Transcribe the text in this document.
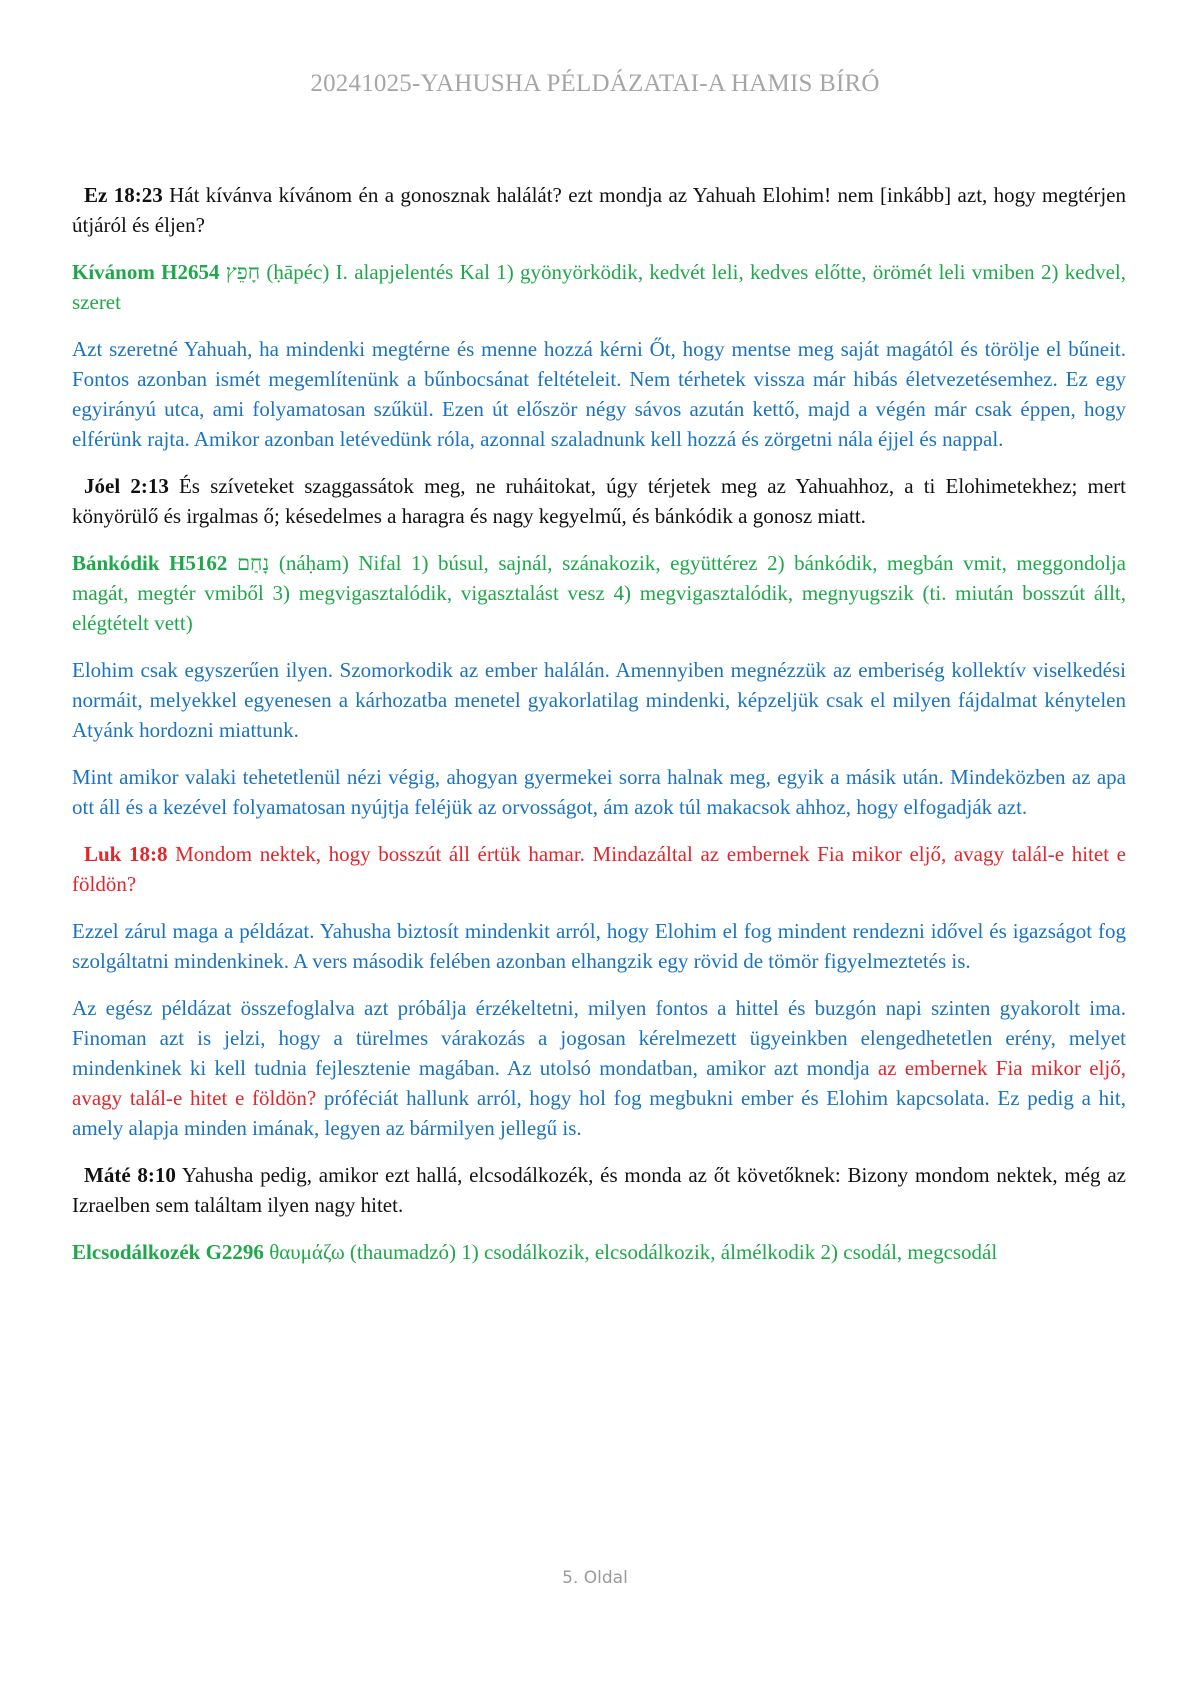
20241025-YAHUSHA PÉLDÁZATAI-A HAMIS BÍRÓ

Ez 18:23 Hát kívánva kívánom én a gonosznak halálát? ezt mondja az Yahuah Elohim! nem [inkább] azt, hogy megtérjen útjáról és éljen?

Kívánom H2654 חָפֵץ (ḥāpéc) I. alapjelentés Kal 1) gyönyörködik, kedvét leli, kedves előtte, örömét leli vmiben 2) kedvel, szeret

Azt szeretné Yahuah, ha mindenki megtérne és menne hozzá kérni Őt, hogy mentse meg saját magától és törölje el bűneit. Fontos azonban ismét megemlítenünk a bűnbocsánat feltételeit. Nem térhetek vissza már hibás életvezetésemhez. Ez egy egyirányú utca, ami folyamatosan szűkül. Ezen út először négy sávos azután kettő, majd a végén már csak éppen, hogy elférünk rajta. Amikor azonban letévedünk róla, azonnal szaladnunk kell hozzá és zörgetni nála éjjel és nappal.

Jóel 2:13 És szíveteket szaggassátok meg, ne ruháitokat, úgy térjetek meg az Yahuahhoz, a ti Elohimetekhez; mert könyörülő és irgalmas ő; késedelmes a haragra és nagy kegyelmű, és bánkódik a gonosz miatt.

Bánkódik H5162 נָחַם (náḥam) Nifal 1) búsul, sajnál, szánakozik, együttérez 2) bánkódik, megbán vmit, meggondolja magát, megtér vmiből 3) megvigasztalódik, vigasztalást vesz 4) megvigasztalódik, megnyugszik (ti. miután bosszút állt, elégtételt vett)

Elohim csak egyszerűen ilyen. Szomorkodik az ember halálán. Amennyiben megnézzük az emberiség kollektív viselkedési normáit, melyekkel egyenesen a kárhozatba menetel gyakorlatilag mindenki, képzeljük csak el milyen fájdalmat kénytelen Atyánk hordozni miattunk.

Mint amikor valaki tehetetlenül nézi végig, ahogyan gyermekei sorra halnak meg, egyik a másik után. Mindeközben az apa ott áll és a kezével folyamatosan nyújtja feléjük az orvosságot, ám azok túl makacsok ahhoz, hogy elfogadják azt.

Luk 18:8 Mondom nektek, hogy bosszút áll értük hamar. Mindazáltal az embernek Fia mikor eljő, avagy talál-e hitet e földön?

Ezzel zárul maga a példázat. Yahusha biztosít mindenkit arról, hogy Elohim el fog mindent rendezni idővel és igazságot fog szolgáltatni mindenkinek. A vers második felében azonban elhangzik egy rövid de tömör figyelmeztetés is.

Az egész példázat összefoglalva azt próbálja érzékeltetni, milyen fontos a hittel és buzgón napi szinten gyakorolt ima. Finoman azt is jelzi, hogy a türelmes várakozás a jogosan kérelmezett ügyeinkben elengedhetetlen erény, melyet mindenkinek ki kell tudnia fejlesztenie magában. Az utolsó mondatban, amikor azt mondja az embernek Fia mikor eljő, avagy talál-e hitet e földön? próféciát hallunk arról, hogy hol fog megbukni ember és Elohim kapcsolata. Ez pedig a hit, amely alapja minden imának, legyen az bármilyen jellegű is.

Máté 8:10 Yahusha pedig, amikor ezt hallá, elcsodálkozék, és monda az őt követőknek: Bizony mondom nektek, még az Izraelben sem találtam ilyen nagy hitet.

Elcsodálkozék G2296 θαυμάζω (thaumadzó) 1) csodálkozik, elcsodálkozik, álmélkodik 2) csodál, megcsodál

5. Oldal
